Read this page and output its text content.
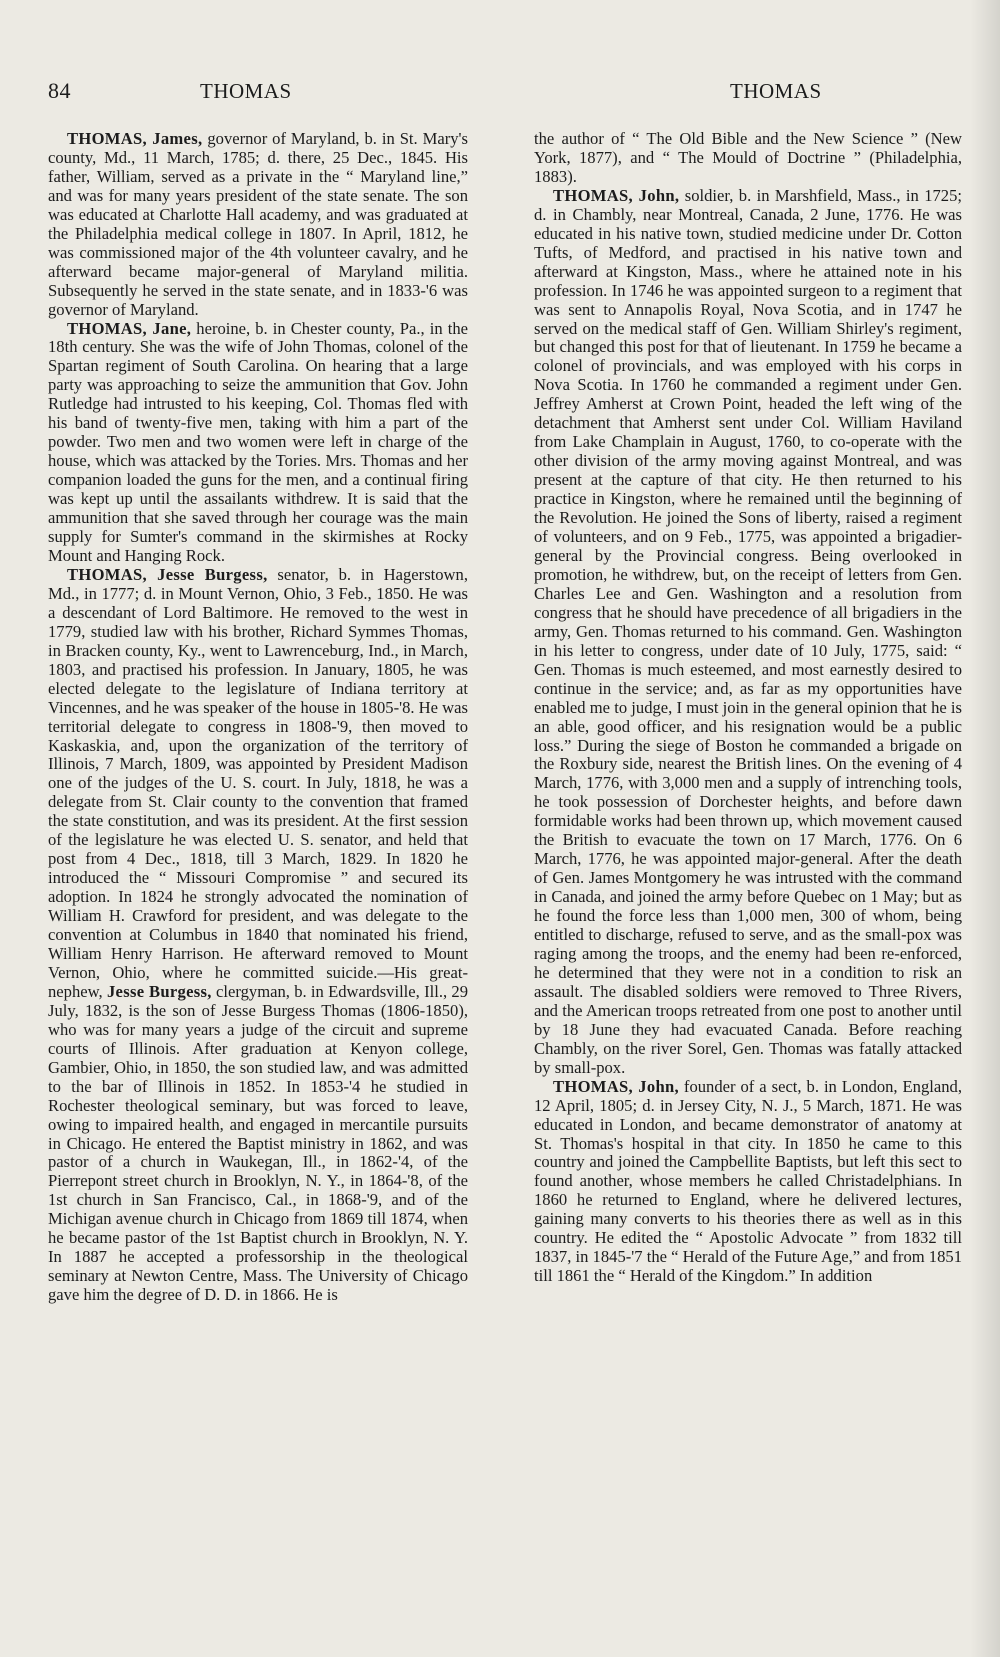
84	THOMAS	THOMAS

THOMAS, James, governor of Maryland, b. in St. Mary's county, Md., 11 March, 1785; d. there, 25 Dec., 1845. His father, William, served as a private in the “ Maryland line,” and was for many years president of the state senate. The son was educated at Charlotte Hall academy, and was graduated at the Philadelphia medical college in 1807. In April, 1812, he was commissioned major of the 4th volunteer cavalry, and he afterward became major-general of Maryland militia. Subsequently he served in the state senate, and in 1833-'6 was governor of Maryland.

THOMAS, Jane, heroine, b. in Chester county, Pa., in the 18th century. She was the wife of John Thomas, colonel of the Spartan regiment of South Carolina. On hearing that a large party was approaching to seize the ammunition that Gov. John Rutledge had intrusted to his keeping, Col. Thomas fled with his band of twenty-five men, taking with him a part of the powder. Two men and two women were left in charge of the house, which was attacked by the Tories. Mrs. Thomas and her companion loaded the guns for the men, and a continual firing was kept up until the assailants withdrew. It is said that the ammunition that she saved through her courage was the main supply for Sumter's command in the skirmishes at Rocky Mount and Hanging Rock.

THOMAS, Jesse Burgess, senator, b. in Hagerstown, Md., in 1777; d. in Mount Vernon, Ohio, 3 Feb., 1850. He was a descendant of Lord Baltimore. He removed to the west in 1779, studied law with his brother, Richard Symmes Thomas, in Bracken county, Ky., went to Lawrenceburg, Ind., in March, 1803, and practised his profession. In January, 1805, he was elected delegate to the legislature of Indiana territory at Vincennes, and he was speaker of the house in 1805-'8. He was territorial delegate to congress in 1808-'9, then moved to Kaskaskia, and, upon the organization of the territory of Illinois, 7 March, 1809, was appointed by President Madison one of the judges of the U. S. court. In July, 1818, he was a delegate from St. Clair county to the convention that framed the state constitution, and was its president. At the first session of the legislature he was elected U. S. senator, and held that post from 4 Dec., 1818, till 3 March, 1829. In 1820 he introduced the “ Missouri Compromise ” and secured its adoption. In 1824 he strongly advocated the nomination of William H. Crawford for president, and was delegate to the convention at Columbus in 1840 that nominated his friend, William Henry Harrison. He afterward removed to Mount Vernon, Ohio, where he committed suicide.—His great-nephew, Jesse Burgess, clergyman, b. in Edwardsville, Ill., 29 July, 1832, is the son of Jesse Burgess Thomas (1806-1850), who was for many years a judge of the circuit and supreme courts of Illinois. After graduation at Kenyon college, Gambier, Ohio, in 1850, the son studied law, and was admitted to the bar of Illinois in 1852. In 1853-'4 he studied in Rochester theological seminary, but was forced to leave, owing to impaired health, and engaged in mercantile pursuits in Chicago. He entered the Baptist ministry in 1862, and was pastor of a church in Waukegan, Ill., in 1862-'4, of the Pierrepont street church in Brooklyn, N. Y., in 1864-'8, of the 1st church in San Francisco, Cal., in 1868-'9, and of the Michigan avenue church in Chicago from 1869 till 1874, when he became pastor of the 1st Baptist church in Brooklyn, N. Y. In 1887 he accepted a professorship in the theological seminary at Newton Centre, Mass. The University of Chicago gave him the degree of D. D. in 1866. He is

the author of “ The Old Bible and the New Science ” (New York, 1877), and “ The Mould of Doctrine ” (Philadelphia, 1883).

THOMAS, John, soldier, b. in Marshfield, Mass., in 1725; d. in Chambly, near Montreal, Canada, 2 June, 1776. He was educated in his native town, studied medicine under Dr. Cotton Tufts, of Medford, and practised in his native town and afterward at Kingston, Mass., where he attained note in his profession. In 1746 he was appointed surgeon to a regiment that was sent to Annapolis Royal, Nova Scotia, and in 1747 he served on the medical staff of Gen. William Shirley's regiment, but changed this post for that of lieutenant. In 1759 he became a colonel of provincials, and was employed with his corps in Nova Scotia. In 1760 he commanded a regiment under Gen. Jeffrey Amherst at Crown Point, headed the left wing of the detachment that Amherst sent under Col. William Haviland from Lake Champlain in August, 1760, to co-operate with the other division of the army moving against Montreal, and was present at the capture of that city. He then returned to his practice in Kingston, where he remained until the beginning of the Revolution. He joined the Sons of liberty, raised a regiment of volunteers, and on 9 Feb., 1775, was appointed a brigadier-general by the Provincial congress. Being overlooked in promotion, he withdrew, but, on the receipt of letters from Gen. Charles Lee and Gen. Washington and a resolution from congress that he should have precedence of all brigadiers in the army, Gen. Thomas returned to his command. Gen. Washington in his letter to congress, under date of 10 July, 1775, said: “ Gen. Thomas is much esteemed, and most earnestly desired to continue in the service; and, as far as my opportunities have enabled me to judge, I must join in the general opinion that he is an able, good officer, and his resignation would be a public loss.” During the siege of Boston he commanded a brigade on the Roxbury side, nearest the British lines. On the evening of 4 March, 1776, with 3,000 men and a supply of intrenching tools, he took possession of Dorchester heights, and before dawn formidable works had been thrown up, which movement caused the British to evacuate the town on 17 March, 1776. On 6 March, 1776, he was appointed major-general. After the death of Gen. James Montgomery he was intrusted with the command in Canada, and joined the army before Quebec on 1 May; but as he found the force less than 1,000 men, 300 of whom, being entitled to discharge, refused to serve, and as the small-pox was raging among the troops, and the enemy had been re-enforced, he determined that they were not in a condition to risk an assault. The disabled soldiers were removed to Three Rivers, and the American troops retreated from one post to another until by 18 June they had evacuated Canada. Before reaching Chambly, on the river Sorel, Gen. Thomas was fatally attacked by small-pox.

THOMAS, John, founder of a sect, b. in London, England, 12 April, 1805; d. in Jersey City, N. J., 5 March, 1871. He was educated in London, and became demonstrator of anatomy at St. Thomas's hospital in that city. In 1850 he came to this country and joined the Campbellite Baptists, but left this sect to found another, whose members he called Christadelphians. In 1860 he returned to England, where he delivered lectures, gaining many converts to his theories there as well as in this country. He edited the “ Apostolic Advocate ” from 1832 till 1837, in 1845-'7 the “ Herald of the Future Age,” and from 1851 till 1861 the “ Herald of the Kingdom.” In addition
